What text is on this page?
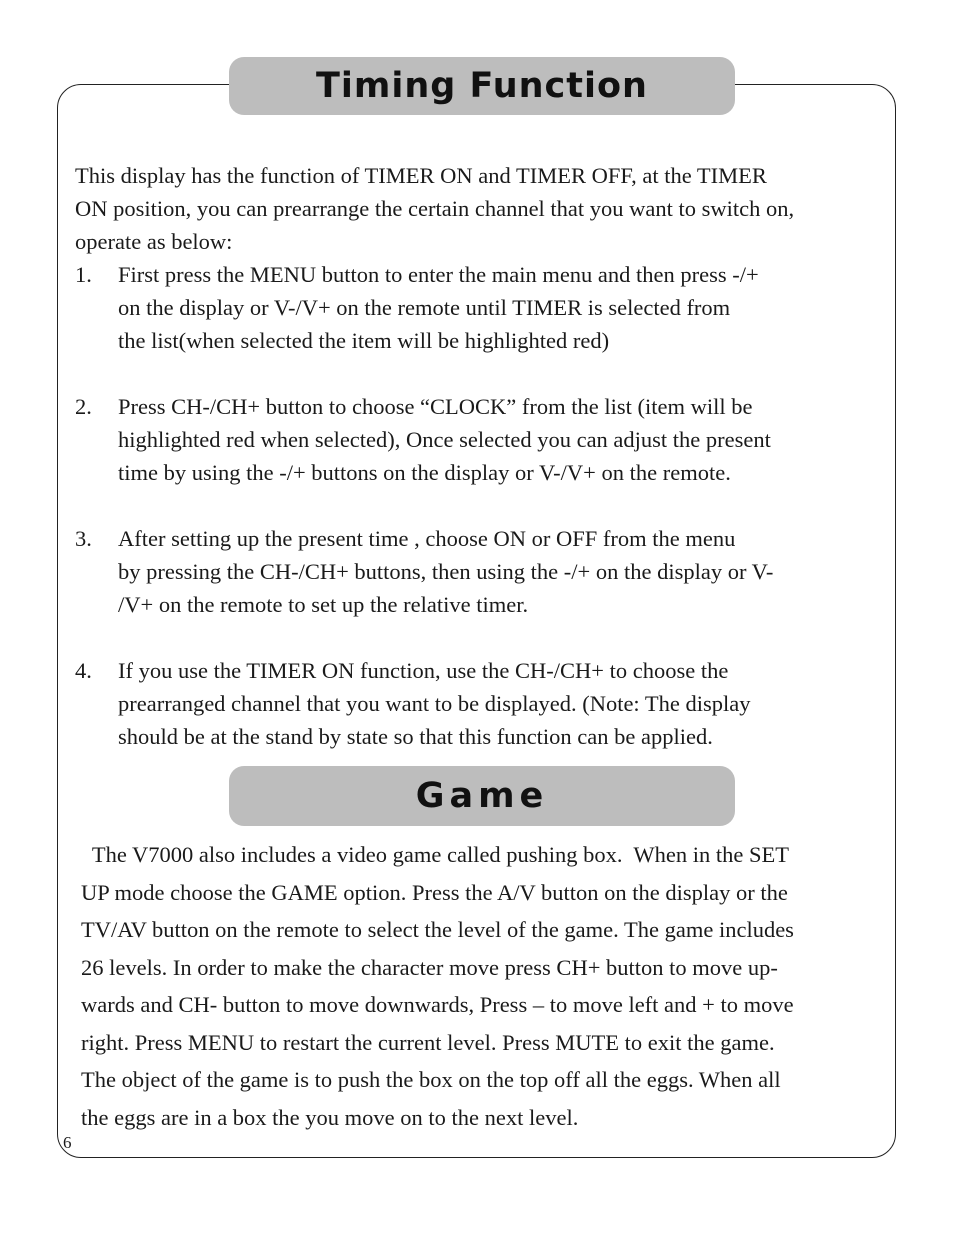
Timing Function

This display has the function of TIMER ON and TIMER OFF, at the TIMER
ON position, you can prearrange the certain channel that you want to switch on,
operate as below:

1. First press the MENU button to enter the main menu and then press -/+
on the display or V-/V+ on the remote until TIMER is selected from
the list(when selected the item will be highlighted red)
2. Press CH-/CH+ button to choose “CLOCK” from the list (item will be
highlighted red when selected), Once selected you can adjust the present
time by using the -/+ buttons on the display or V-/V+ on the remote.
3. After setting up the present time , choose ON or OFF from the menu
by pressing the CH-/CH+ buttons, then using the -/+ on the display or V-
/V+ on the remote to set up the relative timer.
4. If you use the TIMER ON function, use the CH-/CH+ to choose the
prearranged channel that you want to be displayed. (Note: The display
should be at the stand by state so that this function can be applied.
Game

The V7000 also includes a video game called pushing box.  When in the SET
UP mode choose the GAME option. Press the A/V button on the display or the
TV/AV button on the remote to select the level of the game. The game includes
26 levels. In order to make the character move press CH+ button to move up-
wards and CH- button to move downwards, Press – to move left and + to move
right. Press MENU to restart the current level. Press MUTE to exit the game.
The object of the game is to push the box on the top off all the eggs. When all
the eggs are in a box the you move on to the next level.

6
